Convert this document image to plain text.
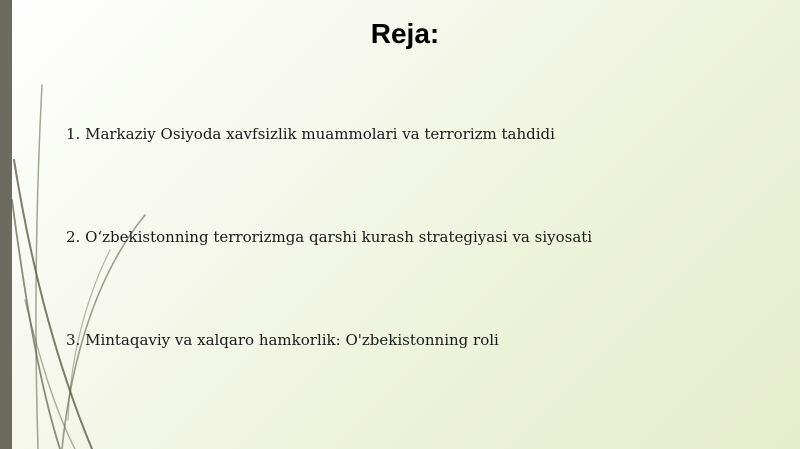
Reja:
1. Markaziy Osiyoda xavfsizlik muammolari va terrorizm tahdidi
2. O‘zbekistonning terrorizmga qarshi kurash strategiyasi va siyosati
3. Mintaqaviy va xalqaro hamkorlik: O'zbekistonning roli
